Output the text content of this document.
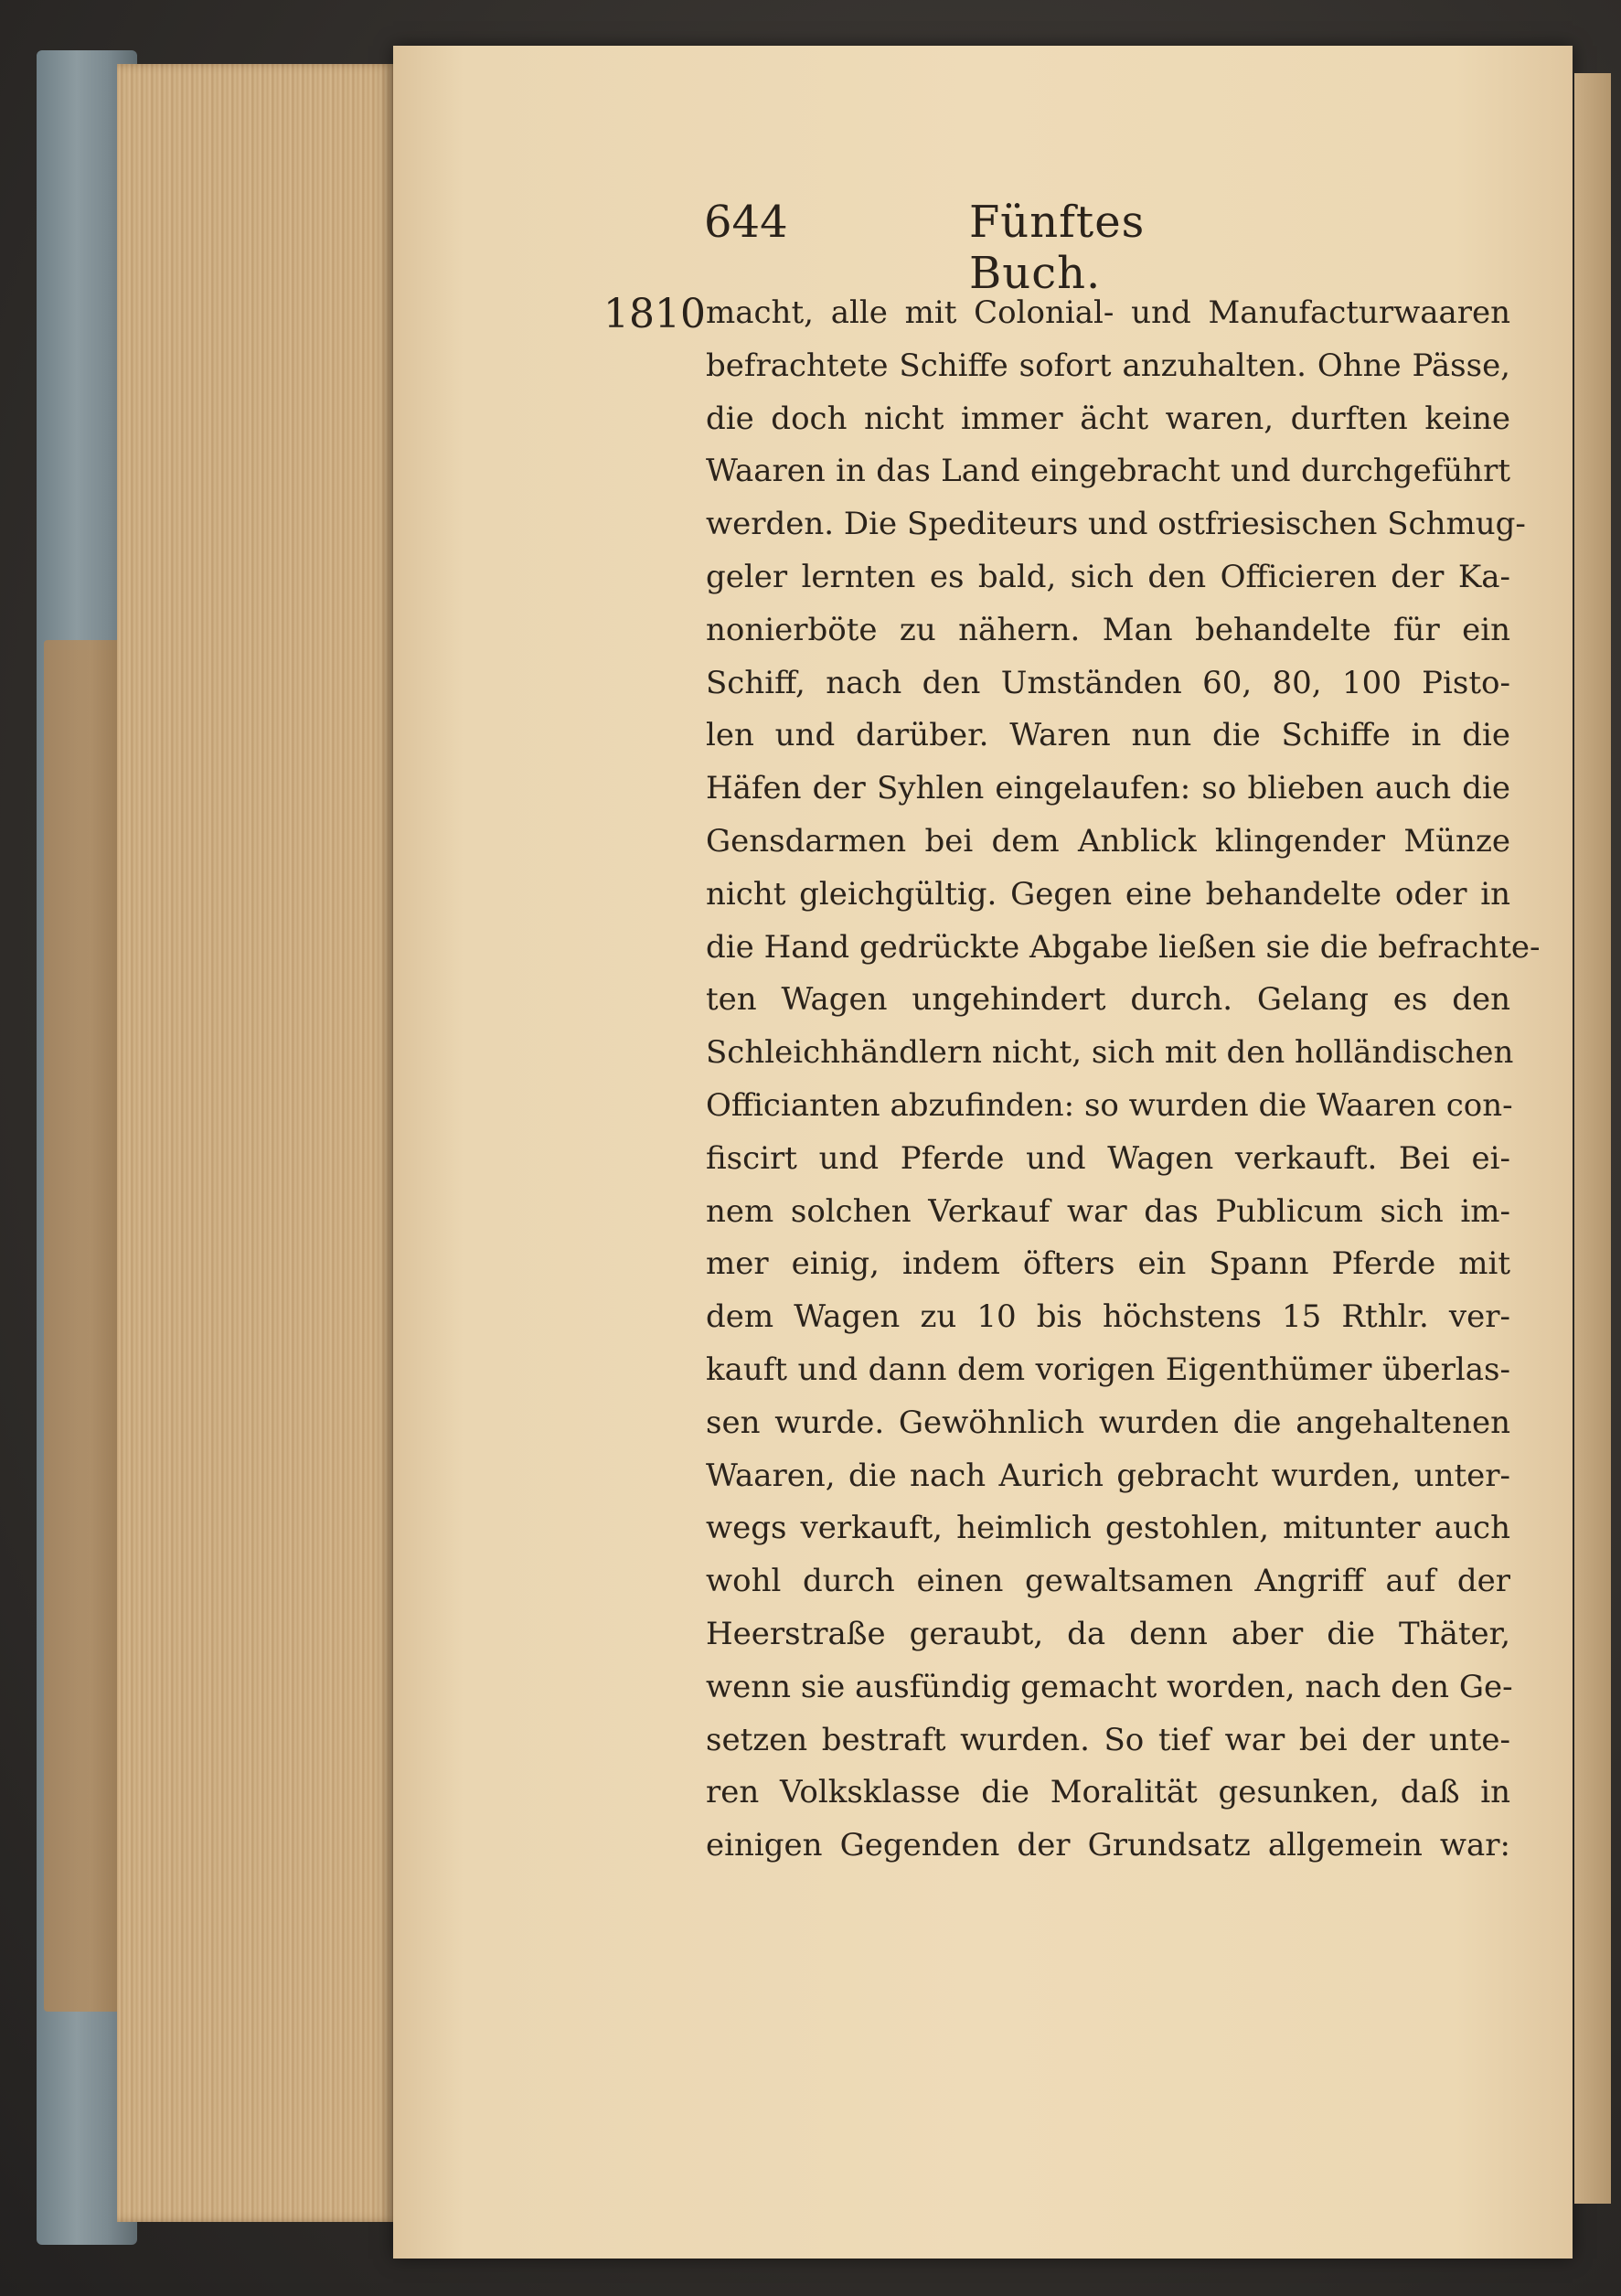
644	Fünftes Buch.
1810 macht, alle mit Colonial- und Manufacturwaaren
befrachtete Schiffe sofort anzuhalten. Ohne Pässe,
die doch nicht immer ächt waren, durften keine
Waaren in das Land eingebracht und durchgeführt
werden. Die Spediteurs und ostfriesischen Schmug-
geler lernten es bald, sich den Officieren der Ka-
nonierböte zu nähern. Man behandelte für ein
Schiff, nach den Umständen 60, 80, 100 Pisto-
len und darüber. Waren nun die Schiffe in die
Häfen der Syhlen eingelaufen: so blieben auch die
Gensdarmen bei dem Anblick klingender Münze
nicht gleichgültig. Gegen eine behandelte oder in
die Hand gedrückte Abgabe ließen sie die befrachte-
ten Wagen ungehindert durch. Gelang es den
Schleichhändlern nicht, sich mit den holländischen
Officianten abzufinden: so wurden die Waaren con-
fiscirt und Pferde und Wagen verkauft. Bei ei-
nem solchen Verkauf war das Publicum sich im-
mer einig, indem öfters ein Spann Pferde mit
dem Wagen zu 10 bis höchstens 15 Rthlr. ver-
kauft und dann dem vorigen Eigenthümer überlas-
sen wurde. Gewöhnlich wurden die angehaltenen
Waaren, die nach Aurich gebracht wurden, unter-
wegs verkauft, heimlich gestohlen, mitunter auch
wohl durch einen gewaltsamen Angriff auf der
Heerstraße geraubt, da denn aber die Thäter,
wenn sie ausfündig gemacht worden, nach den Ge-
setzen bestraft wurden. So tief war bei der unte-
ren Volksklasse die Moralität gesunken, daß in
einigen Gegenden der Grundsatz allgemein war:
